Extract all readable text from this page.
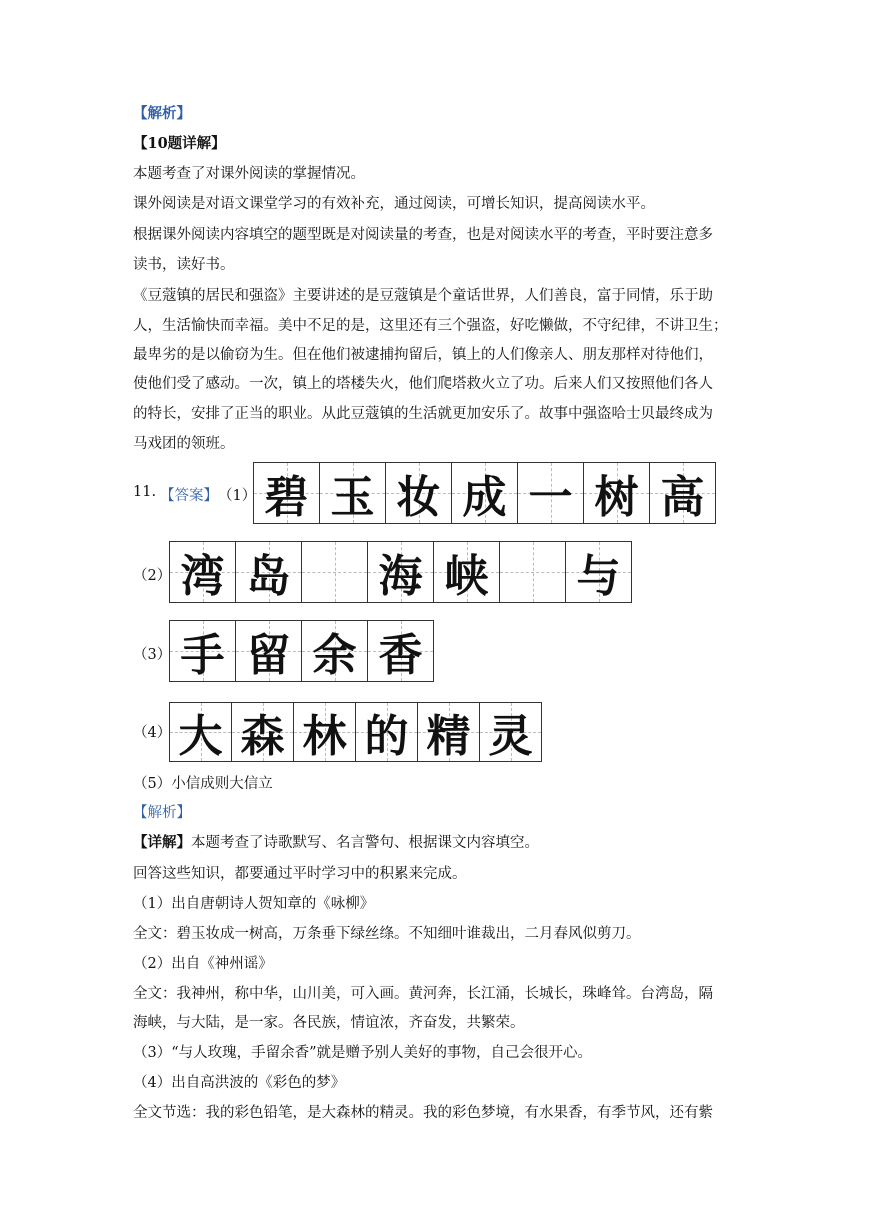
【解析】
【10题详解】
本题考查了对课外阅读的掌握情况。
课外阅读是对语文课堂学习的有效补充，通过阅读，可增长知识，提高阅读水平。
根据课外阅读内容填空的题型既是对阅读量的考查，也是对阅读水平的考查，平时要注意多
读书，读好书。
《豆蔻镇的居民和强盗》主要讲述的是豆蔻镇是个童话世界，人们善良，富于同情，乐于助
人，生活愉快而幸福。美中不足的是，这里还有三个强盗，好吃懒做，不守纪律，不讲卫生；
最卑劣的是以偷窃为生。但在他们被逮捕拘留后，镇上的人们像亲人、朋友那样对待他们，
使他们受了感动。一次，镇上的塔楼失火，他们爬塔救火立了功。后来人们又按照他们各人
的特长，安排了正当的职业。从此豆蔻镇的生活就更加安乐了。故事中强盗哈士贝最终成为
马戏团的领班。
11. 【答案】 （1） 碧 玉 妆 成 一 树 高
（2） 湾 岛 海 峡 与
（3） 手 留 余 香
（4） 大 森 林 的 精 灵
（5）小信成则大信立
【解析】
【详解】本题考查了诗歌默写、名言警句、根据课文内容填空。
回答这些知识，都要通过平时学习中的积累来完成。
（1）出自唐朝诗人贺知章的《咏柳》
全文：碧玉妆成一树高，万条垂下绿丝绦。不知细叶谁裁出，二月春风似剪刀。
（2）出自《神州谣》
全文：我神州，称中华，山川美，可入画。黄河奔，长江涌，长城长，珠峰耸。台湾岛，隔
海峡，与大陆，是一家。各民族，情谊浓，齐奋发，共繁荣。
（3）“与人玫瑰，手留余香”就是赠予别人美好的事物，自己会很开心。
（4）出自高洪波的《彩色的梦》
全文节选：我的彩色铅笔，是大森林的精灵。我的彩色梦境，有水果香，有季节风，还有紫
